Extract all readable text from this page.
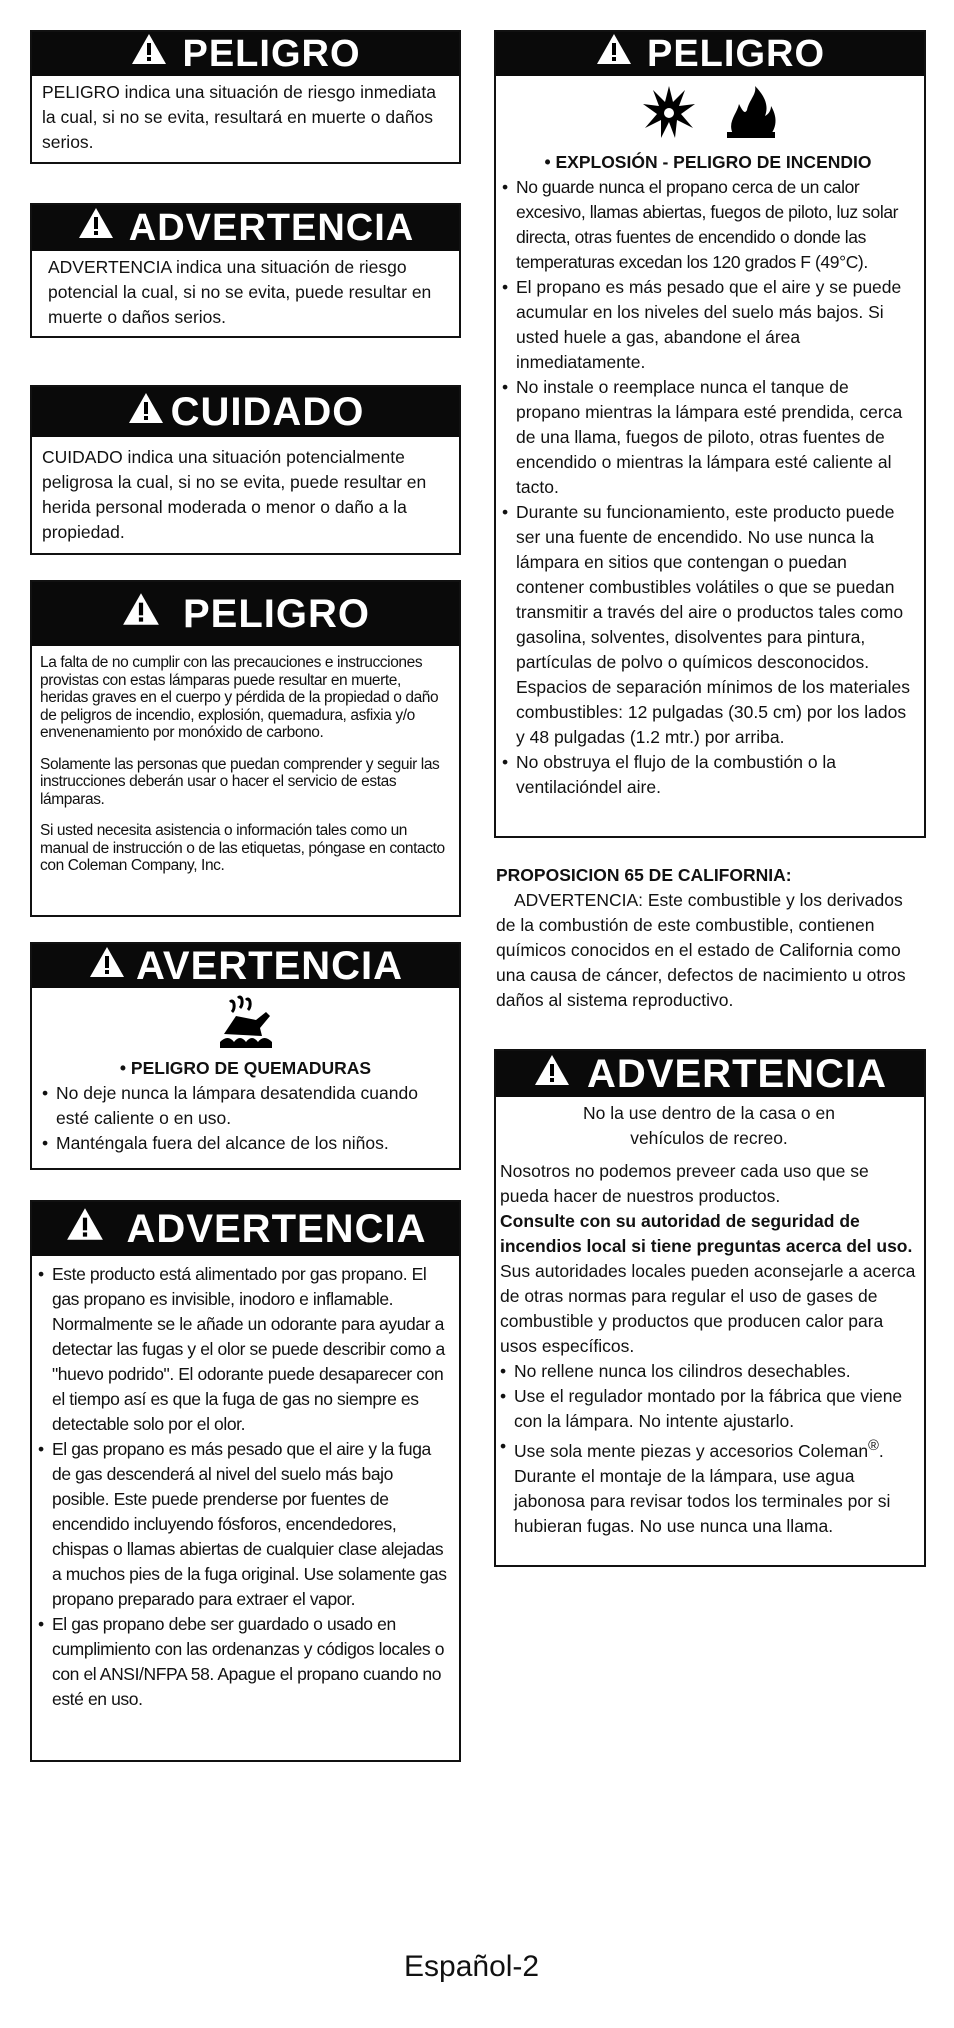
PELIGRO
PELIGRO indica una situación de riesgo inmediata la cual, si no se evita, resultará en muerte o daños serios.
ADVERTENCIA
ADVERTENCIA indica una situación de riesgo potencial la cual, si no se evita, puede resultar en muerte o daños serios.
CUIDADO
CUIDADO indica una situación potencialmente peligrosa la cual, si no se evita, puede resultar en herida personal moderada o menor o daño a la propiedad.
PELIGRO

La falta de no cumplir con las precauciones e instrucciones provistas con estas lámparas puede resultar en muerte, heridas graves en el cuerpo y pérdida de la propiedad o daño de peligros de incendio, explosión, quemadura, asfixia y/o envenenamiento por monóxido de carbono.

Solamente las personas que puedan comprender y seguir las instrucciones deberán usar o hacer el servicio de estas lámparas.

Si usted necesita asistencia o información tales como un manual de instrucción o de las etiquetas, póngase en contacto con Coleman Company, Inc.

AVERTENCIA
• PELIGRO DE QUEMADURAS
• No deje nunca la lámpara desatendida cuando esté caliente o en uso.
• Manténgala fuera del alcance de los niños.
ADVERTENCIA
• Este producto está alimentado por gas propano. El gas propano es invisible, inodoro e inflamable. Normalmente se le añade un odorante para ayudar a detectar las fugas y el olor se puede describir como a "huevo podrido". El odorante puede desaparecer con el tiempo así es que la fuga de gas no siempre es detectable solo por el olor.
• El gas propano es más pesado que el aire y la fuga de gas descenderá al nivel del suelo más bajo posible. Este puede prenderse por fuentes de encendido incluyendo fósforos, encendedores, chispas o llamas abiertas de cualquier clase alejadas a muchos pies de la fuga original. Use solamente gas propano preparado para extraer el vapor.
• El gas propano debe ser guardado o usado en cumplimiento con las ordenanzas y códigos locales o con el ANSI/NFPA 58. Apague el propano cuando no esté en uso.
PELIGRO

• EXPLOSIÓN - PELIGRO DE INCENDIO
• No guarde nunca el propano cerca de un calor excesivo, llamas abiertas, fuegos de piloto, luz solar directa, otras fuentes de encendido o donde las temperaturas excedan los 120 grados F (49°C).
• El propano es más pesado que el aire y se puede acumular en los niveles del suelo más bajos. Si usted huele a gas, abandone el área inmediatamente.
• No instale o reemplace nunca el tanque de propano mientras la lámpara esté prendida, cerca de una llama, fuegos de piloto, otras fuentes de encendido o mientras la lámpara esté caliente al tacto.
• Durante su funcionamiento, este producto puede ser una fuente de encendido. No use nunca la lámpara en sitios que contengan o puedan contener combustibles volátiles o que se puedan transmitir a través del aire o productos tales como gasolina, solventes, disolventes para pintura, partículas de polvo o químicos desconocidos. Espacios de separación mínimos de los materiales combustibles: 12 pulgadas (30.5 cm) por los lados y 48 pulgadas (1.2 mtr.) por arriba.
• No obstruya el flujo de la combustión o la ventilacióndel aire.
PROPOSICION 65 DE CALIFORNIA:
ADVERTENCIA: Este combustible y los derivados de la combustión de este combustible, contienen químicos conocidos en el estado de California como una causa de cáncer, defectos de nacimiento u otros daños al sistema reproductivo.
ADVERTENCIA
No la use dentro de la casa o en vehículos de recreo.
Nosotros no podemos preveer cada uso que se pueda hacer de nuestros productos.
Consulte con su autoridad de seguridad de incendios local si tiene preguntas acerca del uso.
Sus autoridades locales pueden aconsejarle a acerca de otras normas para regular el uso de gases de combustible y productos que producen calor para usos específicos.
• No rellene nunca los cilindros desechables.
• Use el regulador montado por la fábrica que viene con la lámpara. No intente ajustarlo.
• Use sola mente piezas y accesorios Coleman®. Durante el montaje de la lámpara, use agua jabonosa para revisar todos los terminales por si hubieran fugas. No use nunca una llama.
Español-2
